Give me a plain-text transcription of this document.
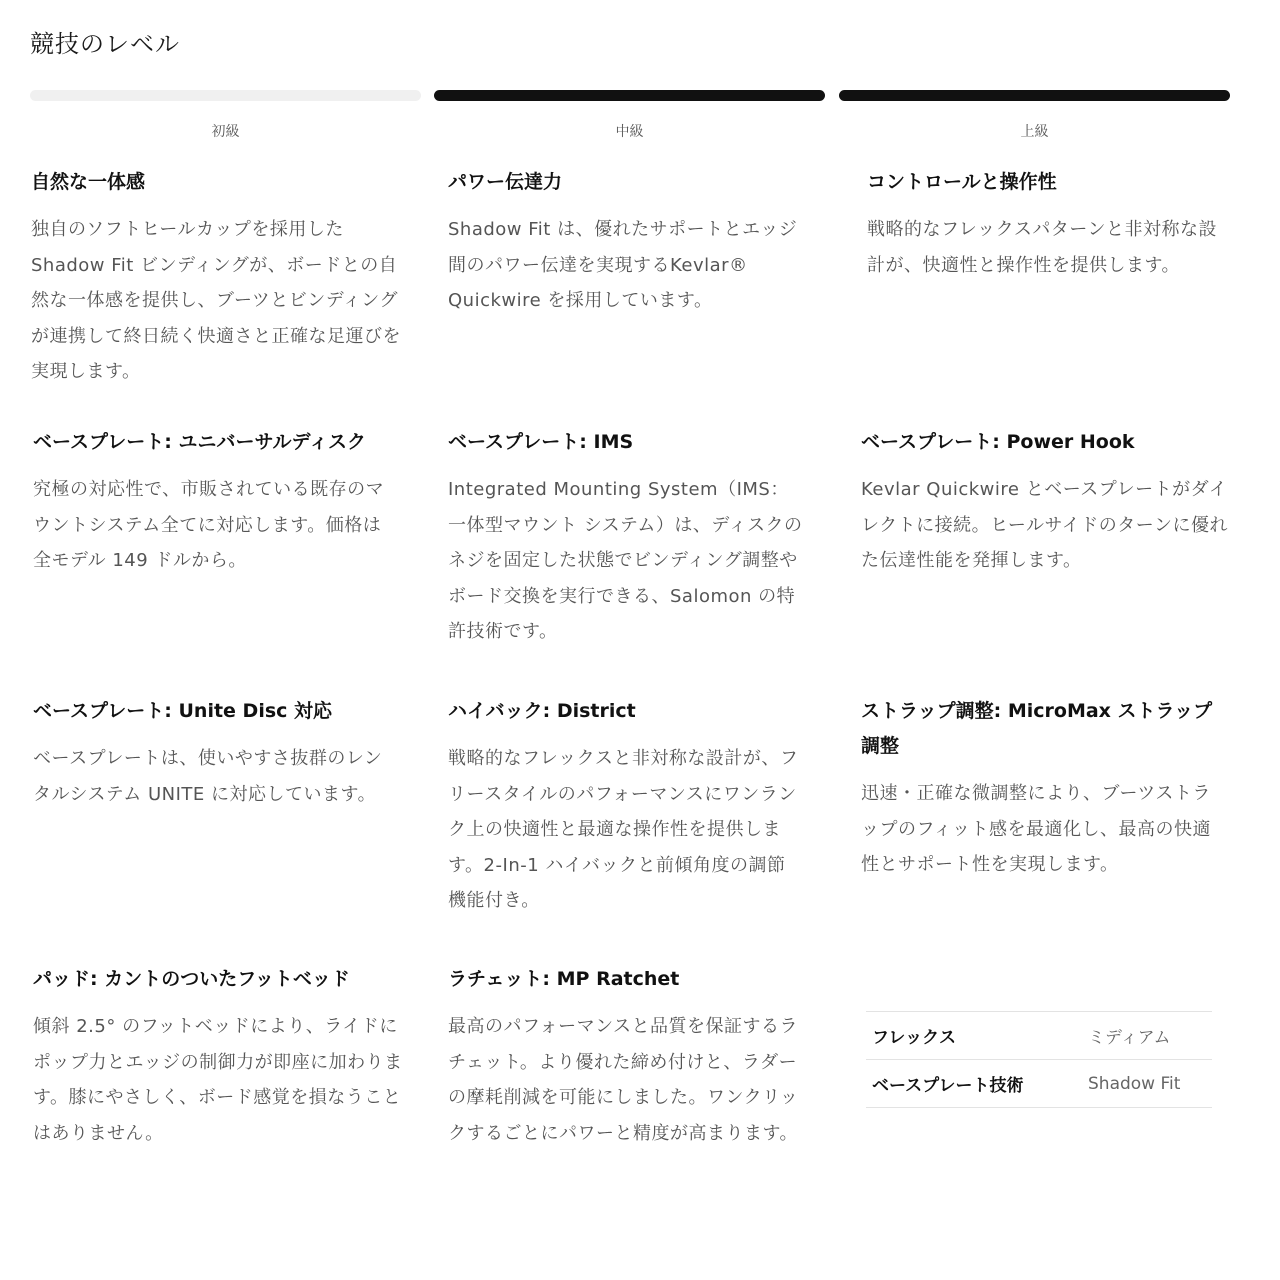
競技のレベル
初級	中級	上級
自然な一体感

独自のソフトヒールカップを採用したShadow Fit ビンディングが、ボードとの自然な一体感を提供し、ブーツとビンディングが連携して終日続く快適さと正確な足運びを実現します。

パワー伝達力

Shadow Fit は、優れたサポートとエッジ間のパワー伝達を実現するKevlar® Quickwire を採用しています。

コントロールと操作性

戦略的なフレックスパターンと非対称な設計が、快適性と操作性を提供します。

ベースプレート: ユニバーサルディスク

究極の対応性で、市販されている既存のマウントシステム全てに対応します。価格は全モデル 149 ドルから。

ベースプレート: IMS

Integrated Mounting System（IMS：一体型マウント システム）は、ディスクのネジを固定した状態でビンディング調整やボード交換を実行できる、Salomon の特許技術です。

ベースプレート: Power Hook

Kevlar Quickwire とベースプレートがダイレクトに接続。ヒールサイドのターンに優れた伝達性能を発揮します。

ベースプレート: Unite Disc 対応

ベースプレートは、使いやすさ抜群のレンタルシステム UNITE に対応しています。

ハイバック: District

戦略的なフレックスと非対称な設計が、フリースタイルのパフォーマンスにワンランク上の快適性と最適な操作性を提供します。2-In-1 ハイバックと前傾角度の調節機能付き。

ストラップ調整: MicroMax ストラップ調整

迅速・正確な微調整により、ブーツストラップのフィット感を最適化し、最高の快適性とサポート性を実現します。

パッド: カントのついたフットベッド

傾斜 2.5° のフットベッドにより、ライドにポップ力とエッジの制御力が即座に加わります。膝にやさしく、ボード感覚を損なうことはありません。

ラチェット: MP Ratchet

最高のパフォーマンスと品質を保証するラチェット。より優れた締め付けと、ラダーの摩耗削減を可能にしました。ワンクリックするごとにパワーと精度が高まります。

フレックス	ミディアム
ベースプレート技術	Shadow Fit
